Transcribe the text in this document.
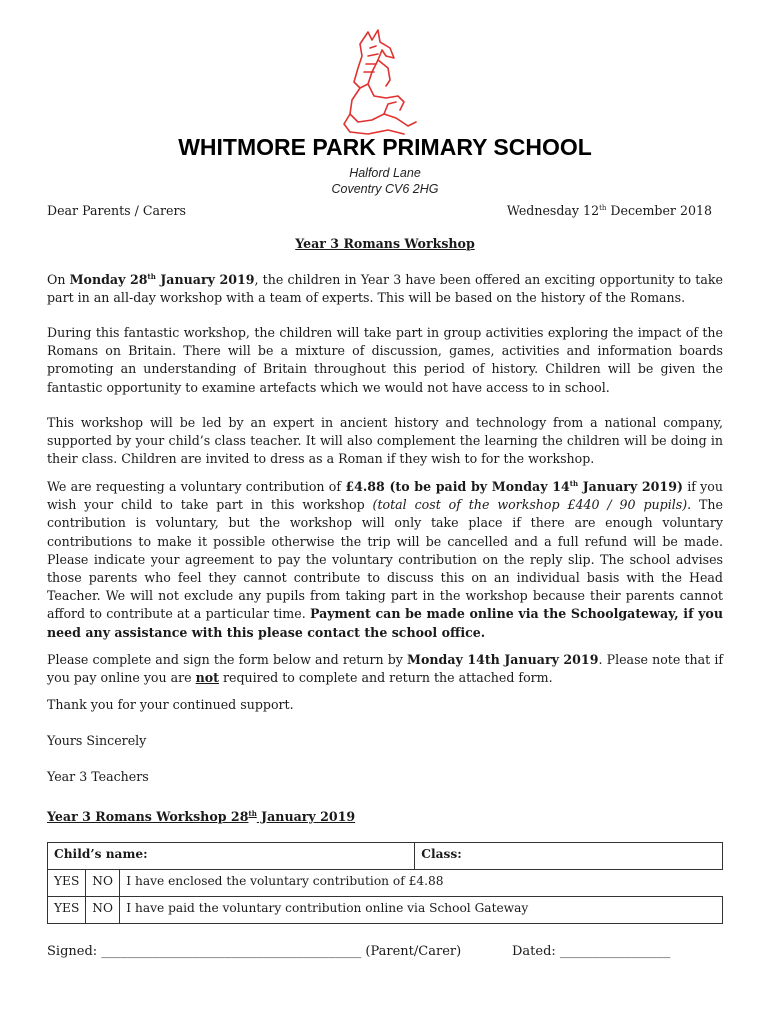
WHITMORE PARK PRIMARY SCHOOL
Halford Lane
Coventry CV6 2HG
Dear Parents / Carers	Wednesday 12th December 2018
Year 3 Romans Workshop
On Monday 28th January 2019, the children in Year 3 have been offered an exciting opportunity to take part in an all-day workshop with a team of experts. This will be based on the history of the Romans.
During this fantastic workshop, the children will take part in group activities exploring the impact of the Romans on Britain. There will be a mixture of discussion, games, activities and information boards promoting an understanding of Britain throughout this period of history. Children will be given the fantastic opportunity to examine artefacts which we would not have access to in school.
This workshop will be led by an expert in ancient history and technology from a national company, supported by your child’s class teacher. It will also complement the learning the children will be doing in their class. Children are invited to dress as a Roman if they wish to for the workshop.
We are requesting a voluntary contribution of £4.88 (to be paid by Monday 14th January 2019) if you wish your child to take part in this workshop (total cost of the workshop £440 / 90 pupils). The contribution is voluntary, but the workshop will only take place if there are enough voluntary contributions to make it possible otherwise the trip will be cancelled and a full refund will be made. Please indicate your agreement to pay the voluntary contribution on the reply slip. The school advises those parents who feel they cannot contribute to discuss this on an individual basis with the Head Teacher. We will not exclude any pupils from taking part in the workshop because their parents cannot afford to contribute at a particular time. Payment can be made online via the Schoolgateway, if you need any assistance with this please contact the school office.
Please complete and sign the form below and return by Monday 14th January 2019. Please note that if you pay online you are not required to complete and return the attached form.
Thank you for your continued support.
Yours Sincerely
Year 3 Teachers
Year 3 Romans Workshop 28th January 2019
Child’s name:			Class:
YES	NO	I have enclosed the voluntary contribution of £4.88	
YES	NO	I have paid the voluntary contribution online via School Gateway	
Signed: ________________________________________ (Parent/Carer)	Dated: _________________
